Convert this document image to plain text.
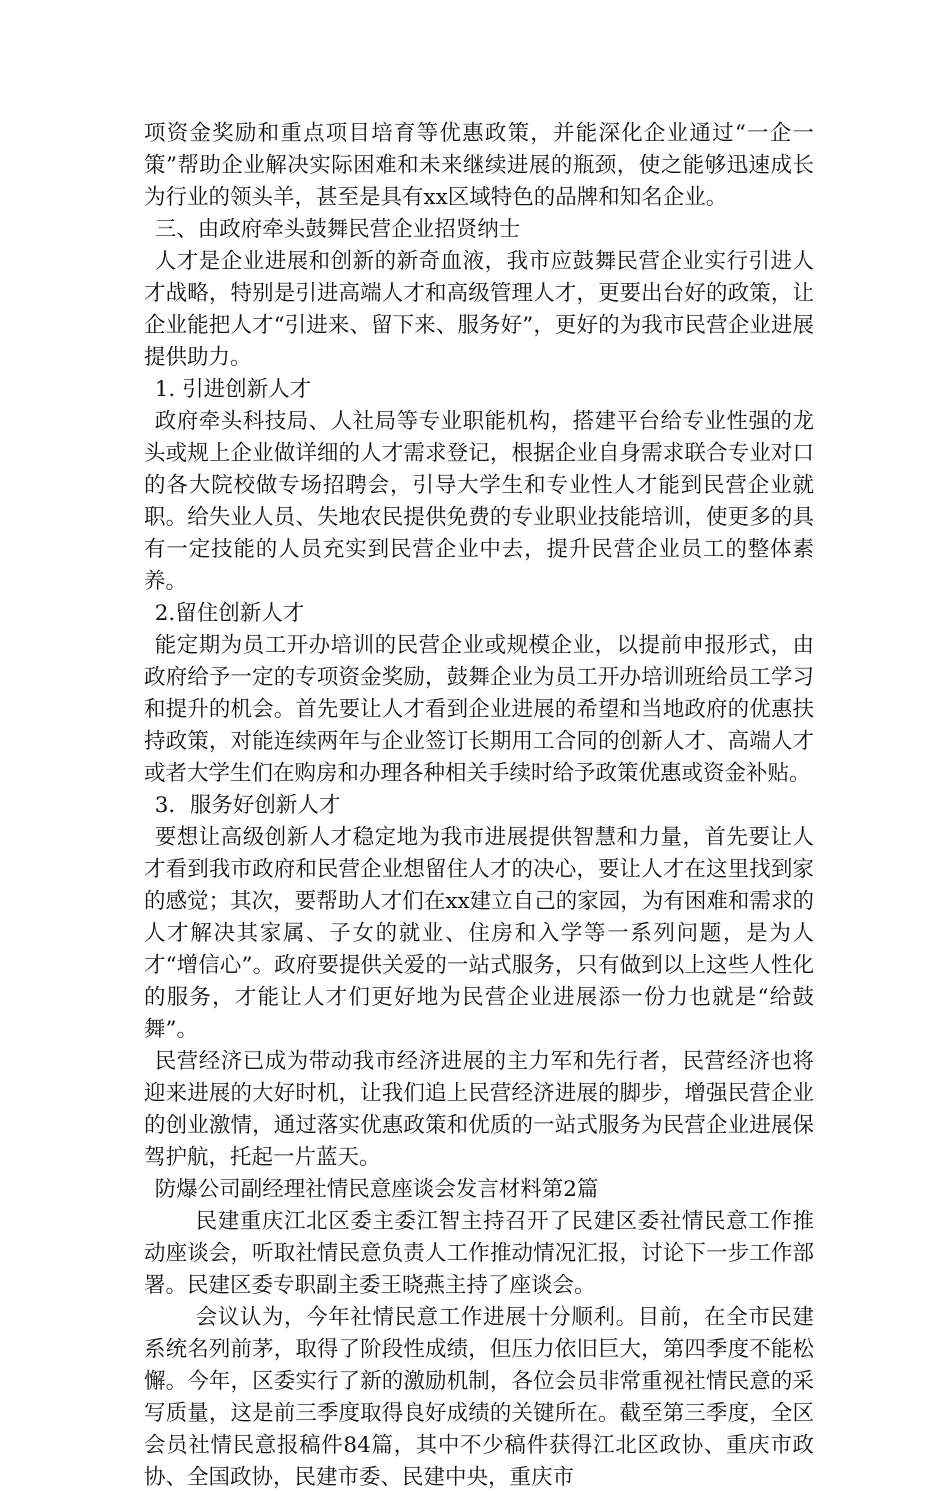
项资金奖励和重点项目培育等优惠政策，并能深化企业通过“一企一策”帮助企业解决实际困难和未来继续进展的瓶颈，使之能够迅速成长为行业的领头羊，甚至是具有xx区域特色的品牌和知名企业。

三、由政府牵头鼓舞民营企业招贤纳士

人才是企业进展和创新的新奇血液，我市应鼓舞民营企业实行引进人才战略，特别是引进高端人才和高级管理人才，更要出台好的政策，让企业能把人才“引进来、留下来、服务好”，更好的为我市民营企业进展提供助力。

1. 引进创新人才

政府牵头科技局、人社局等专业职能机构，搭建平台给专业性强的龙头或规上企业做详细的人才需求登记，根据企业自身需求联合专业对口的各大院校做专场招聘会，引导大学生和专业性人才能到民营企业就职。给失业人员、失地农民提供免费的专业职业技能培训，使更多的具有一定技能的人员充实到民营企业中去，提升民营企业员工的整体素养。

2.留住创新人才

能定期为员工开办培训的民营企业或规模企业，以提前申报形式，由政府给予一定的专项资金奖励，鼓舞企业为员工开办培训班给员工学习和提升的机会。首先要让人才看到企业进展的希望和当地政府的优惠扶持政策，对能连续两年与企业签订长期用工合同的创新人才、高端人才或者大学生们在购房和办理各种相关手续时给予政策优惠或资金补贴。

3．服务好创新人才

要想让高级创新人才稳定地为我市进展提供智慧和力量，首先要让人才看到我市政府和民营企业想留住人才的决心，要让人才在这里找到家的感觉；其次，要帮助人才们在xx建立自己的家园，为有困难和需求的人才解决其家属、子女的就业、住房和入学等一系列问题，是为人才“增信心”。政府要提供关爱的一站式服务，只有做到以上这些人性化的服务，才能让人才们更好地为民营企业进展添一份力也就是“给鼓舞”。

民营经济已成为带动我市经济进展的主力军和先行者，民营经济也将迎来进展的大好时机，让我们追上民营经济进展的脚步，增强民营企业的创业激情，通过落实优惠政策和优质的一站式服务为民营企业进展保驾护航，托起一片蓝天。

防爆公司副经理社情民意座谈会发言材料第2篇

民建重庆江北区委主委江智主持召开了民建区委社情民意工作推动座谈会，听取社情民意负责人工作推动情况汇报，讨论下一步工作部署。民建区委专职副主委王晓燕主持了座谈会。

会议认为，今年社情民意工作进展十分顺利。目前，在全市民建系统名列前茅，取得了阶段性成绩，但压力依旧巨大，第四季度不能松懈。今年，区委实行了新的激励机制，各位会员非常重视社情民意的采写质量，这是前三季度取得良好成绩的关键所在。截至第三季度，全区会员社情民意报稿件84篇，其中不少稿件获得江北区政协、重庆市政协、全国政协，民建市委、民建中央，重庆市
